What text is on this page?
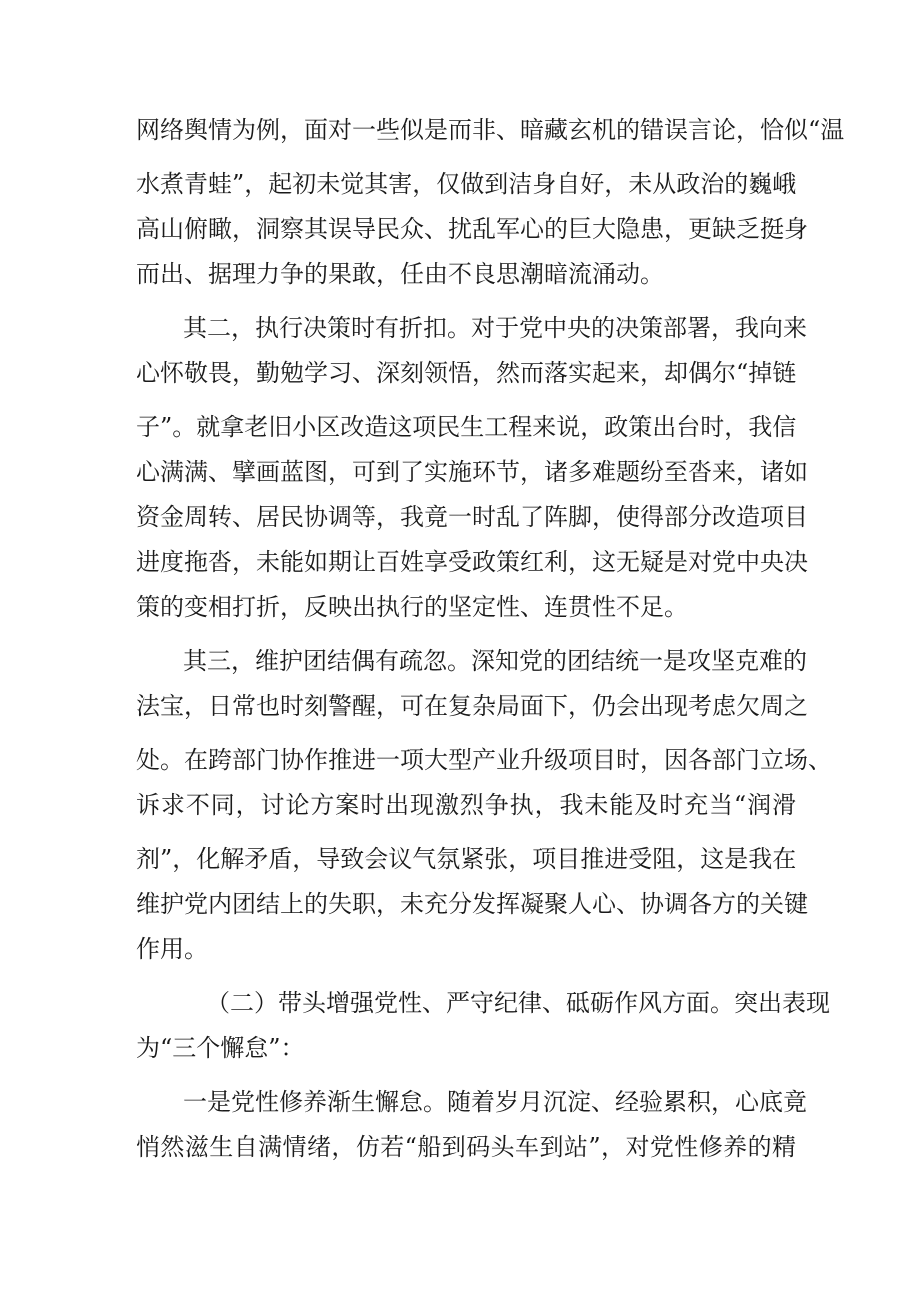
网络舆情为例，面对一些似是而非、暗藏玄机的错误言论，恰似“温
水煮青蛙”，起初未觉其害，仅做到洁身自好，未从政治的巍峨
高山俯瞰，洞察其误导民众、扰乱军心的巨大隐患，更缺乏挺身
而出、据理力争的果敢，任由不良思潮暗流涌动。
其二，执行决策时有折扣。对于党中央的决策部署，我向来
心怀敬畏，勤勉学习、深刻领悟，然而落实起来，却偶尔“掉链
子”。就拿老旧小区改造这项民生工程来说，政策出台时，我信
心满满、擘画蓝图，可到了实施环节，诸多难题纷至沓来，诸如
资金周转、居民协调等，我竟一时乱了阵脚，使得部分改造项目
进度拖沓，未能如期让百姓享受政策红利，这无疑是对党中央决
策的变相打折，反映出执行的坚定性、连贯性不足。
其三，维护团结偶有疏忽。深知党的团结统一是攻坚克难的
法宝，日常也时刻警醒，可在复杂局面下，仍会出现考虑欠周之
处。在跨部门协作推进一项大型产业升级项目时，因各部门立场、
诉求不同，讨论方案时出现激烈争执，我未能及时充当“润滑
剂”，化解矛盾，导致会议气氛紧张，项目推进受阻，这是我在
维护党内团结上的失职，未充分发挥凝聚人心、协调各方的关键
作用。
（二）带头增强党性、严守纪律、砥砺作风方面。突出表现
为“三个懈怠”：
一是党性修养渐生懈怠。随着岁月沉淀、经验累积，心底竟
悄然滋生自满情绪，仿若“船到码头车到站”，对党性修养的精
